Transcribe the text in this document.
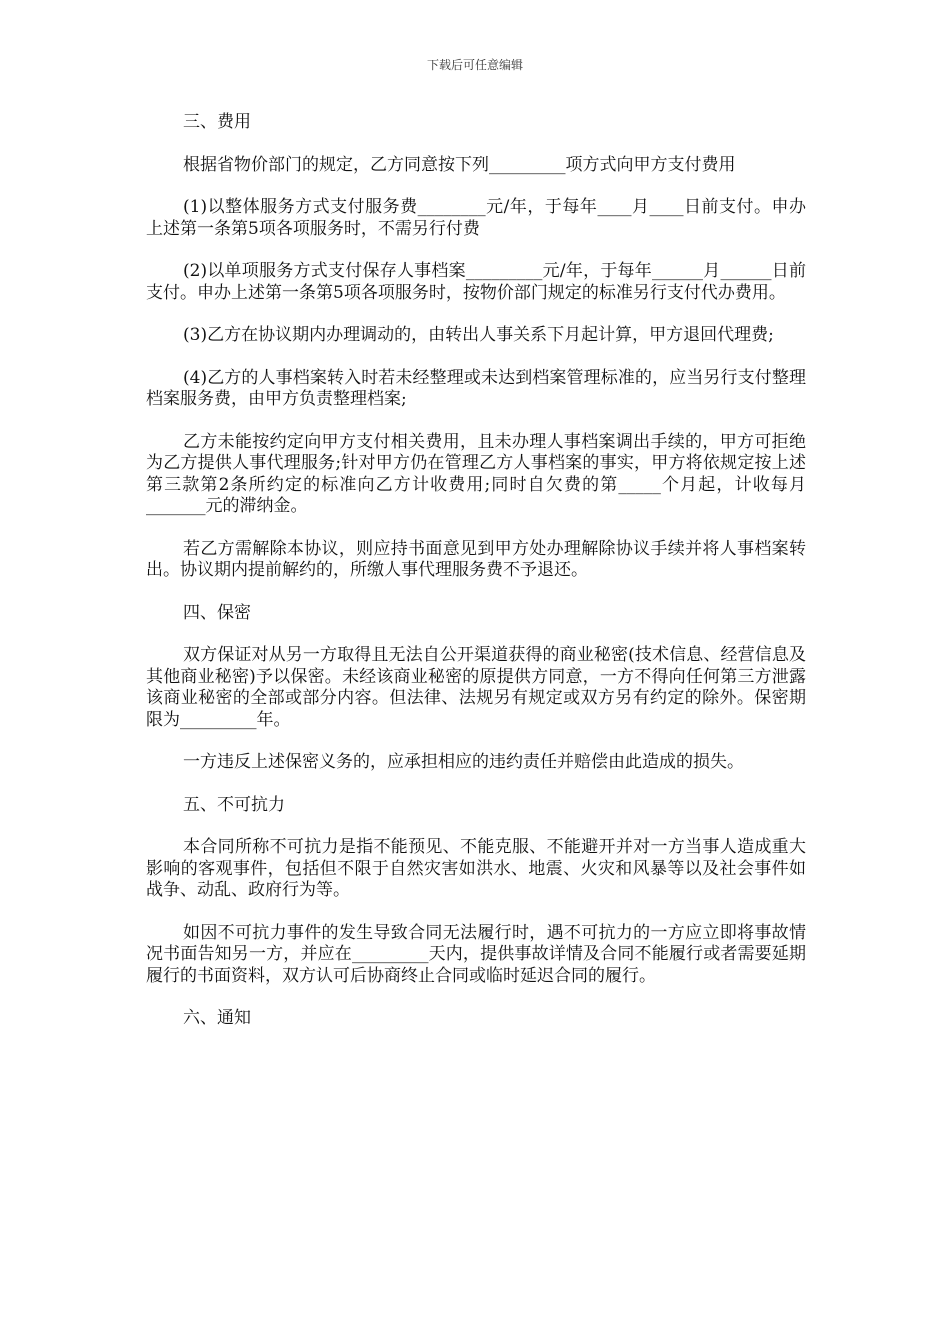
下载后可任意编辑

三、费用

根据省物价部门的规定，乙方同意按下列_________项方式向甲方支付费用

(1)以整体服务方式支付服务费________元/年，于每年____月____日前支付。申办上述第一条第5项各项服务时，不需另行付费

(2)以单项服务方式支付保存人事档案_________元/年，于每年______月______日前支付。申办上述第一条第5项各项服务时，按物价部门规定的标准另行支付代办费用。

(3)乙方在协议期内办理调动的，由转出人事关系下月起计算，甲方退回代理费;

(4)乙方的人事档案转入时若未经整理或未达到档案管理标准的，应当另行支付整理档案服务费，由甲方负责整理档案;

乙方未能按约定向甲方支付相关费用，且未办理人事档案调出手续的，甲方可拒绝为乙方提供人事代理服务;针对甲方仍在管理乙方人事档案的事实，甲方将依规定按上述第三款第2条所约定的标准向乙方计收费用;同时自欠费的第_____个月起，计收每月_______元的滞纳金。

若乙方需解除本协议，则应持书面意见到甲方处办理解除协议手续并将人事档案转出。协议期内提前解约的，所缴人事代理服务费不予退还。

四、保密

双方保证对从另一方取得且无法自公开渠道获得的商业秘密(技术信息、经营信息及其他商业秘密)予以保密。未经该商业秘密的原提供方同意，一方不得向任何第三方泄露该商业秘密的全部或部分内容。但法律、法规另有规定或双方另有约定的除外。保密期限为_________年。

一方违反上述保密义务的，应承担相应的违约责任并赔偿由此造成的损失。

五、不可抗力

本合同所称不可抗力是指不能预见、不能克服、不能避开并对一方当事人造成重大影响的客观事件，包括但不限于自然灾害如洪水、地震、火灾和风暴等以及社会事件如战争、动乱、政府行为等。

如因不可抗力事件的发生导致合同无法履行时，遇不可抗力的一方应立即将事故情况书面告知另一方，并应在_________天内，提供事故详情及合同不能履行或者需要延期履行的书面资料，双方认可后协商终止合同或临时延迟合同的履行。

六、通知
